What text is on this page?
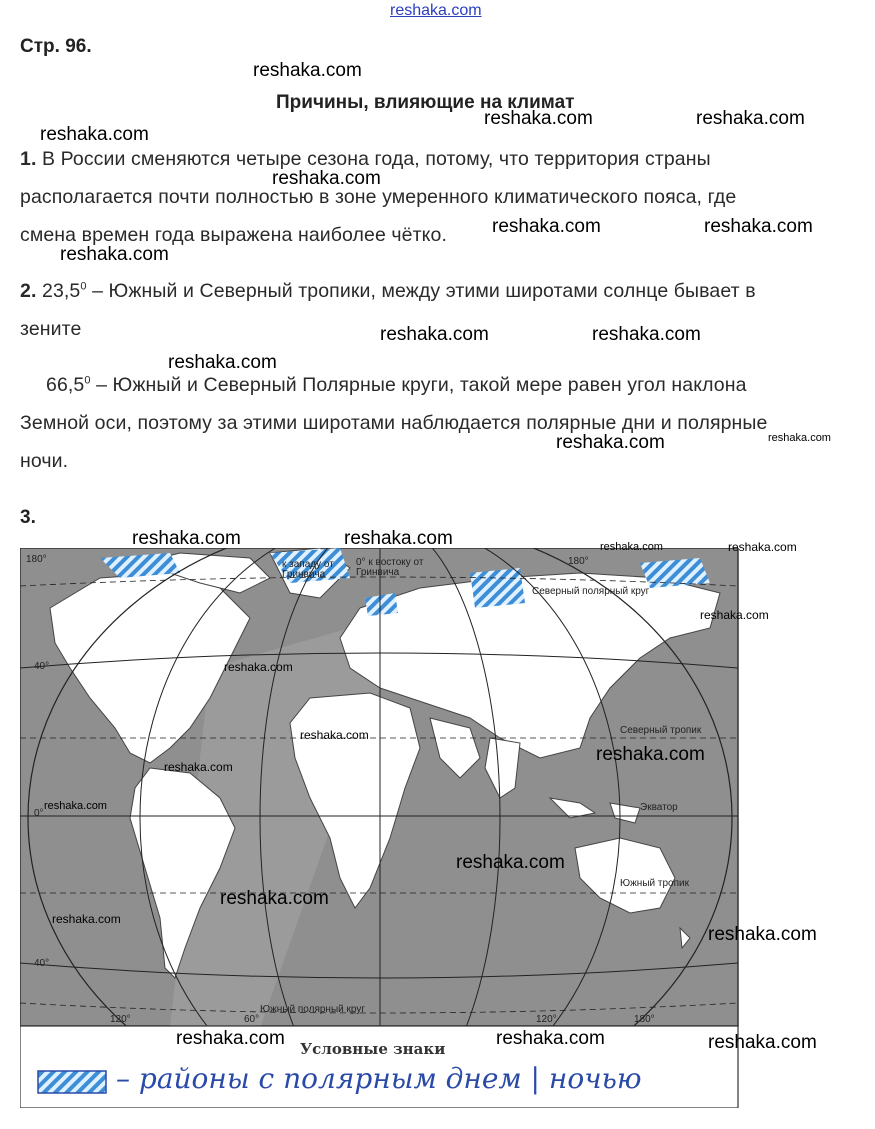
reshaka.com
Стр. 96.
Причины, влияющие на климат
1. В России сменяются четыре сезона года, потому, что территория страны
располагается почти полностью в зоне умеренного климатического пояса, где
смена времен года выражена наиболее чётко.
2. 23,5$^0$ – Южный и Северный тропики, между этими широтами солнце бывает в
зените
66,5$^0$ – Южный и Северный Полярные круги, такой мере равен угол наклона
Земной оси, поэтому за этими широтами наблюдается полярные дни и полярные
ночи.
3.
180°	к западу от Гринвича
0° к востоку от Гринвича
180°
Северный полярный круг
40°
Северный тропик
0°
Экватор
Южный тропик
40°
Южный полярный круг
120°	60°	120°	180°
Условные знаки
– районы с полярным днем | ночью
reshaka.com
reshaka.com
reshaka.com	reshaka.com
reshaka.com
reshaka.com	reshaka.com
reshaka.com
reshaka.com	reshaka.com
reshaka.com
reshaka.com	reshaka.com
reshaka.com	reshaka.com	reshaka.com	reshaka.com
reshaka.com
reshaka.com
reshaka.com
reshaka.com
reshaka.com
reshaka.com
reshaka.com
reshaka.com
reshaka.com
reshaka.com
reshaka.com	reshaka.com	reshaka.com
